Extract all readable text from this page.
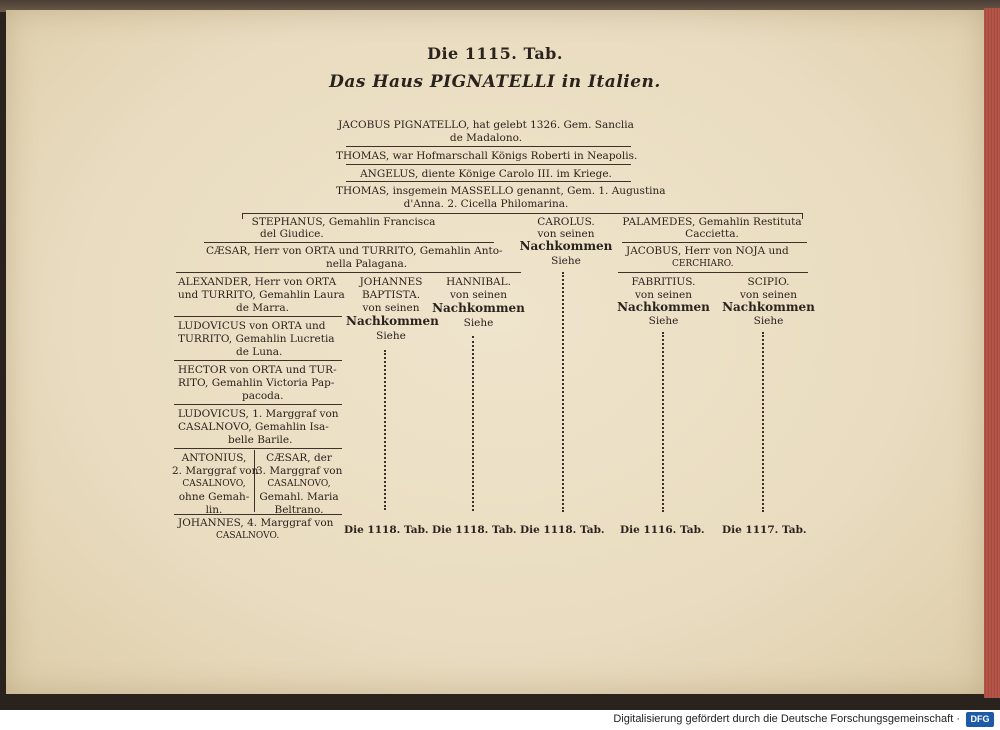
Die 1115. Tab.
Das Haus PIGNATELLI in Italien.
JACOBUS PIGNATELLO, hat gelebt 1326. Gem. Sanclia
de Madalono.
THOMAS, war Hofmarschall Königs Roberti in Neapolis.
ANGELUS, diente Könige Carolo III. im Kriege.
THOMAS, insgemein MASSELLO genannt, Gem. 1. Augustina
d'Anna. 2. Cicella Philomarina.
STEPHANUS, Gemahlin Francisca
del Giudice.
CAROLUS.
von seinen
Nachkommen
Siehe
PALAMEDES, Gemahlin Restituta
Caccietta.
CÆSAR, Herr von ORTA und TURRITO, Gemahlin Anto-
nella Palagana.
JACOBUS, Herr von NOJA und
CERCHIARO.
ALEXANDER, Herr von ORTA
und TURRITO, Gemahlin Laura
de Marra.
JOHANNES
BAPTISTA.
von seinen
Nachkommen
Siehe
HANNIBAL.
von seinen
Nachkommen
Siehe
FABRITIUS.
von seinen
Nachkommen
Siehe
SCIPIO.
von seinen
Nachkommen
Siehe
LUDOVICUS von ORTA und
TURRITO, Gemahlin Lucretia
de Luna.
HECTOR von ORTA und TUR-
RITO, Gemahlin Victoria Pap-
pacoda.
LUDOVICUS, 1. Marggraf von
CASALNOVO, Gemahlin Isa-
belle Barile.
ANTONIUS,
2. Marggraf von
CASALNOVO,
ohne Gemah-
lin.
CÆSAR, der
3. Marggraf von
CASALNOVO,
Gemahl. Maria
Beltrano.
JOHANNES, 4. Marggraf von
CASALNOVO.	Die 1118. Tab. Die 1118. Tab. Die 1118. Tab. Die 1116. Tab. Die 1117. Tab.
Digitalisierung gefördert durch die Deutsche Forschungsgemeinschaft ·	DFG
